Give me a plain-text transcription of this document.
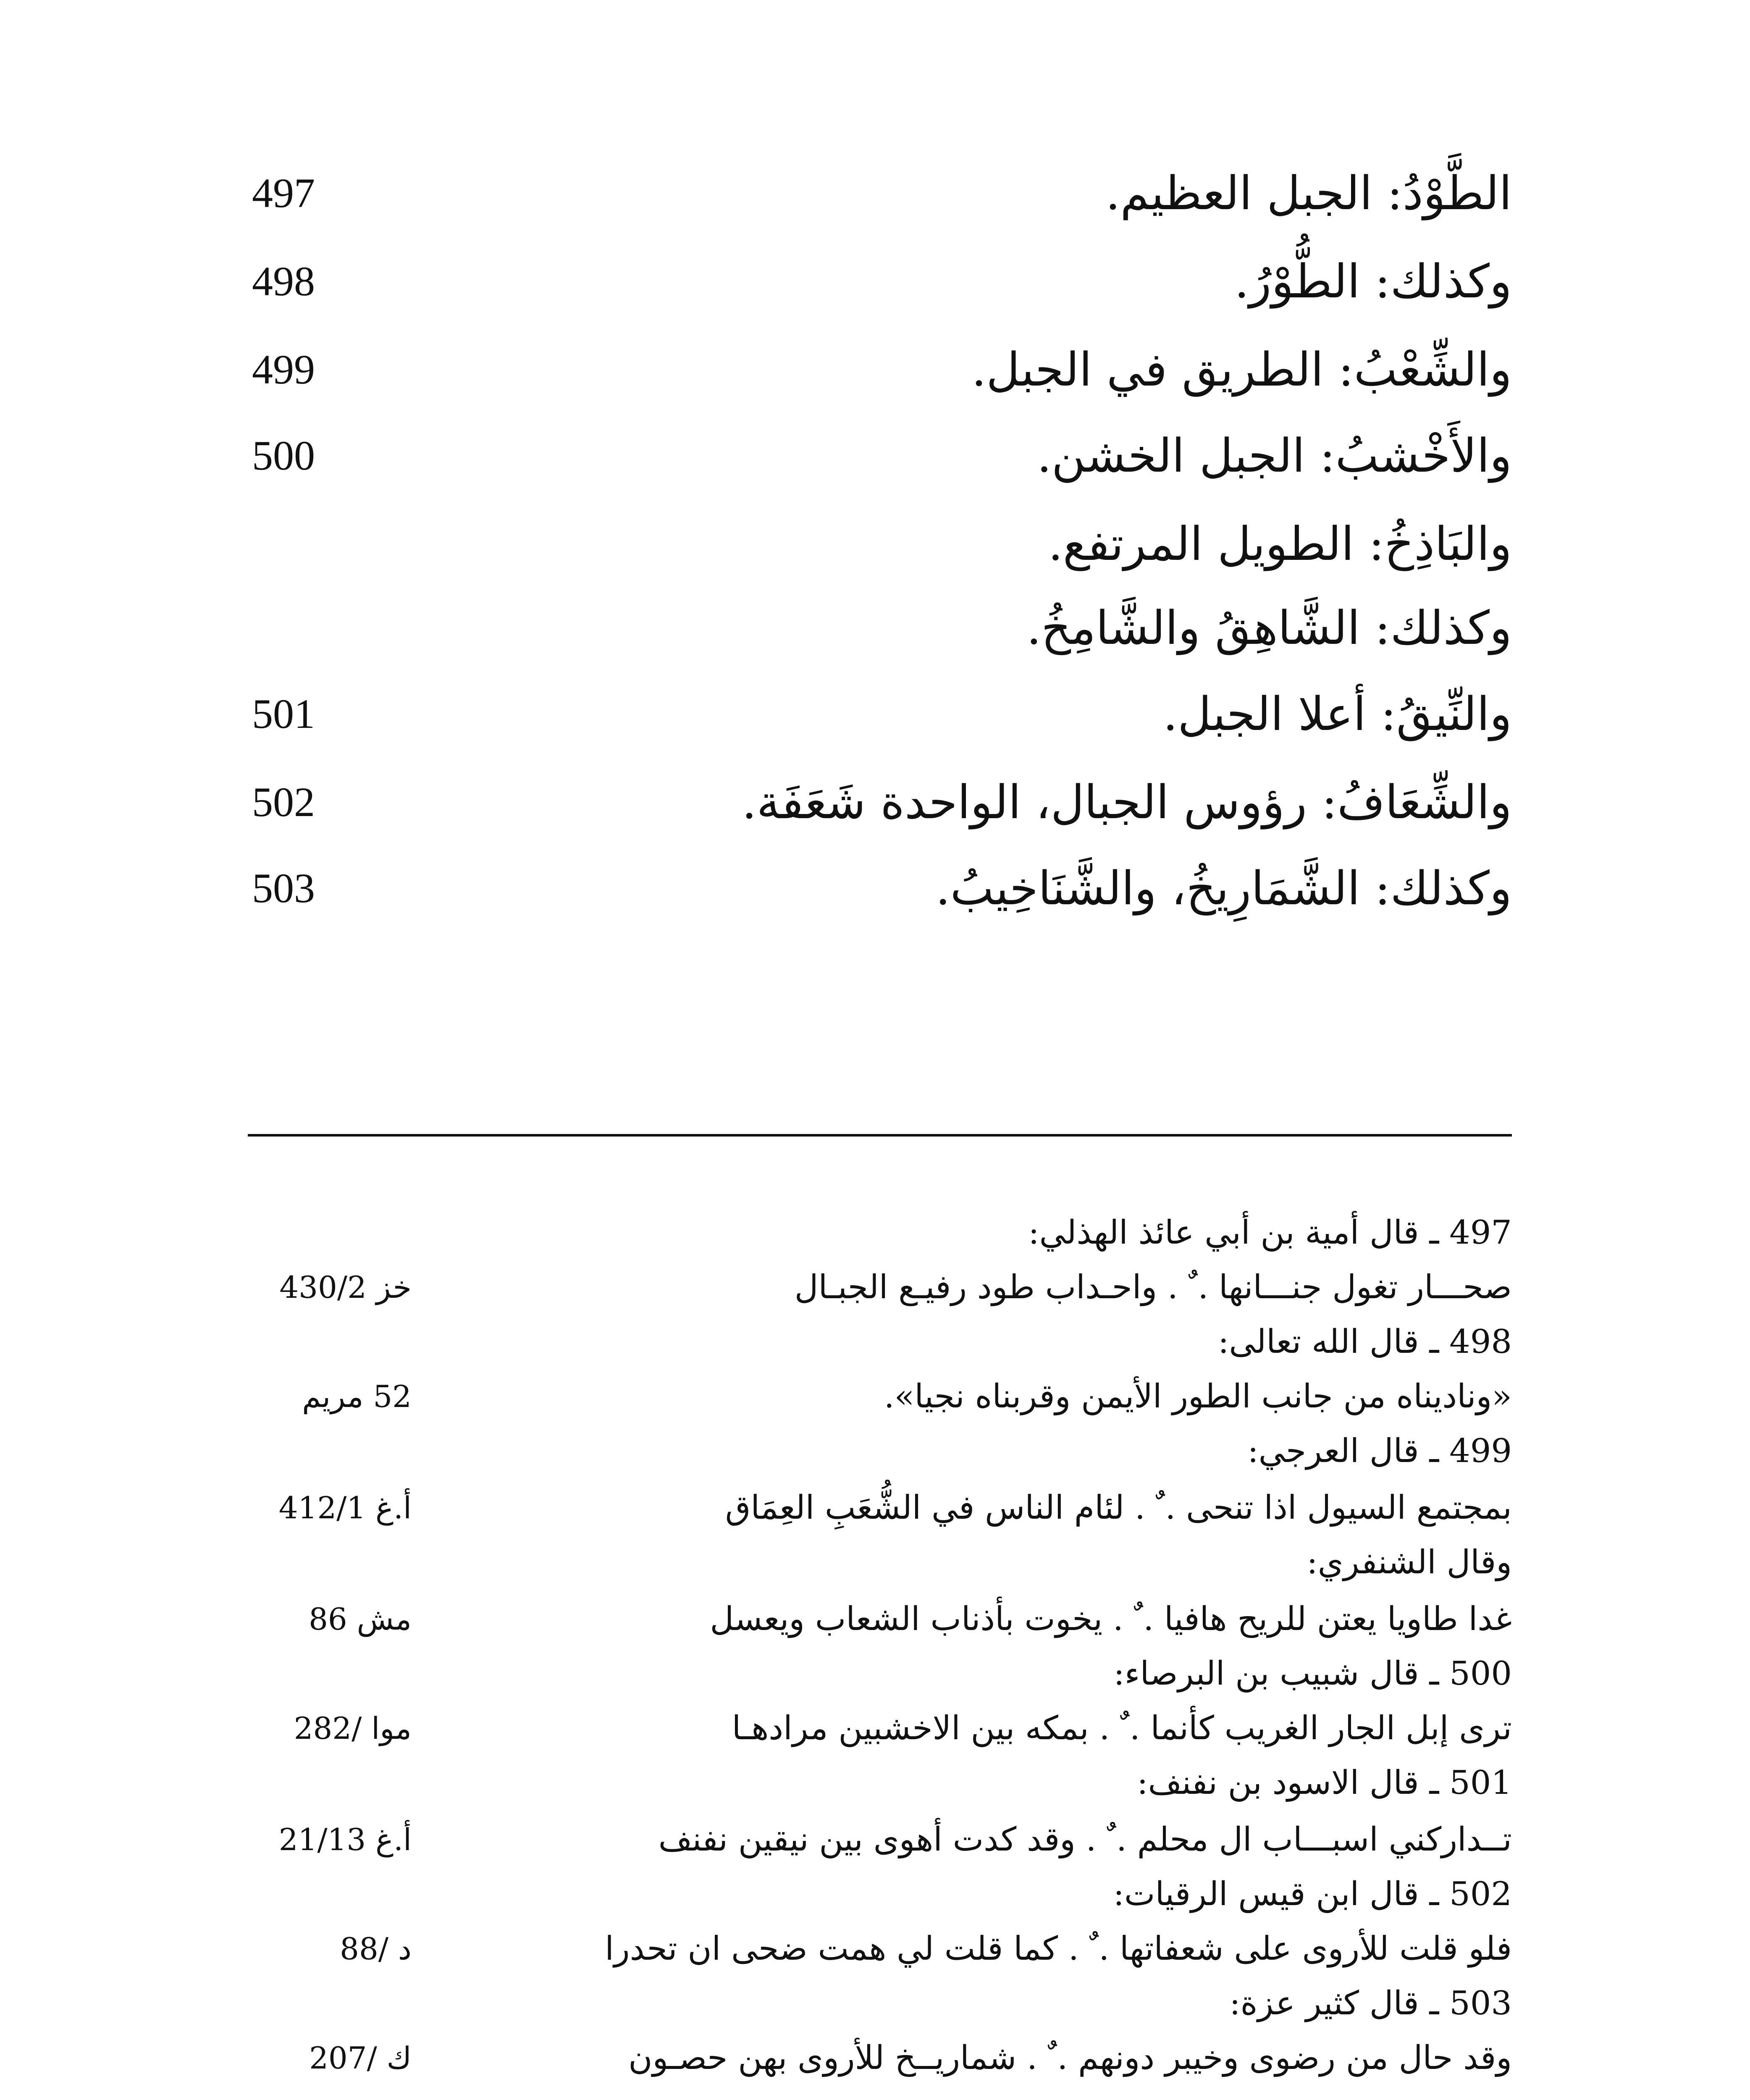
الطَّوْدُ: الجبل العظيم.
497
وكذلك: الطُّوْرُ.
498
والشِّعْبُ: الطريق في الجبل.
499
والأَخْشبُ: الجبل الخشن.
500
والبَاذِخُ: الطويل المرتفع.
وكذلك: الشَّاهِقُ والشَّامِخُ.
والنِّيقُ: أعلا الجبل.
501
والشِّعَافُ: رؤوس الجبال، الواحدة شَعَفَة.
502
وكذلك: الشَّمَارِيخُ، والشَّنَاخِيبُ.
503
497 ـ قال أمية بن أبي عائذ الهذلي:
صحـــار تغول جنـــانها . ٌ . واحـداب طود رفيـع الجبـال
خز 430/2
498 ـ قال الله تعالى:
«وناديناه من جانب الطور الأيمن وقربناه نجيا».
52 مريم
499 ـ قال العرجي:
بمجتمع السيول اذا تنحى . ٌ . لئام الناس في الشُّعَبِ العِمَاق
أ.غ 412/1
وقال الشنفري:
غدا طاويا يعتن للريح هافيا . ٌ . يخوت بأذناب الشعاب ويعسل
مش 86
500 ـ قال شبيب بن البرصاء:
ترى إبل الجار الغريب كأنما . ٌ . بمكه بين الاخشبين مرادهـا
موا /282
501 ـ قال الاسود بن نفنف:
تــداركني اسبـــاب ال محلم . ٌ . وقد كدت أهوى بين نيقين نفنف
أ.غ 21/13
502 ـ قال ابن قيس الرقيات:
فلو قلت للأروى على شعفاتها . ٌ . كما قلت لي همت ضحى ان تحدرا
د /88
503 ـ قال كثير عزة:
وقد حال من رضوى وخيبر دونهم . ٌ . شماريــخ للأروى بهن حصـون
ك /207
